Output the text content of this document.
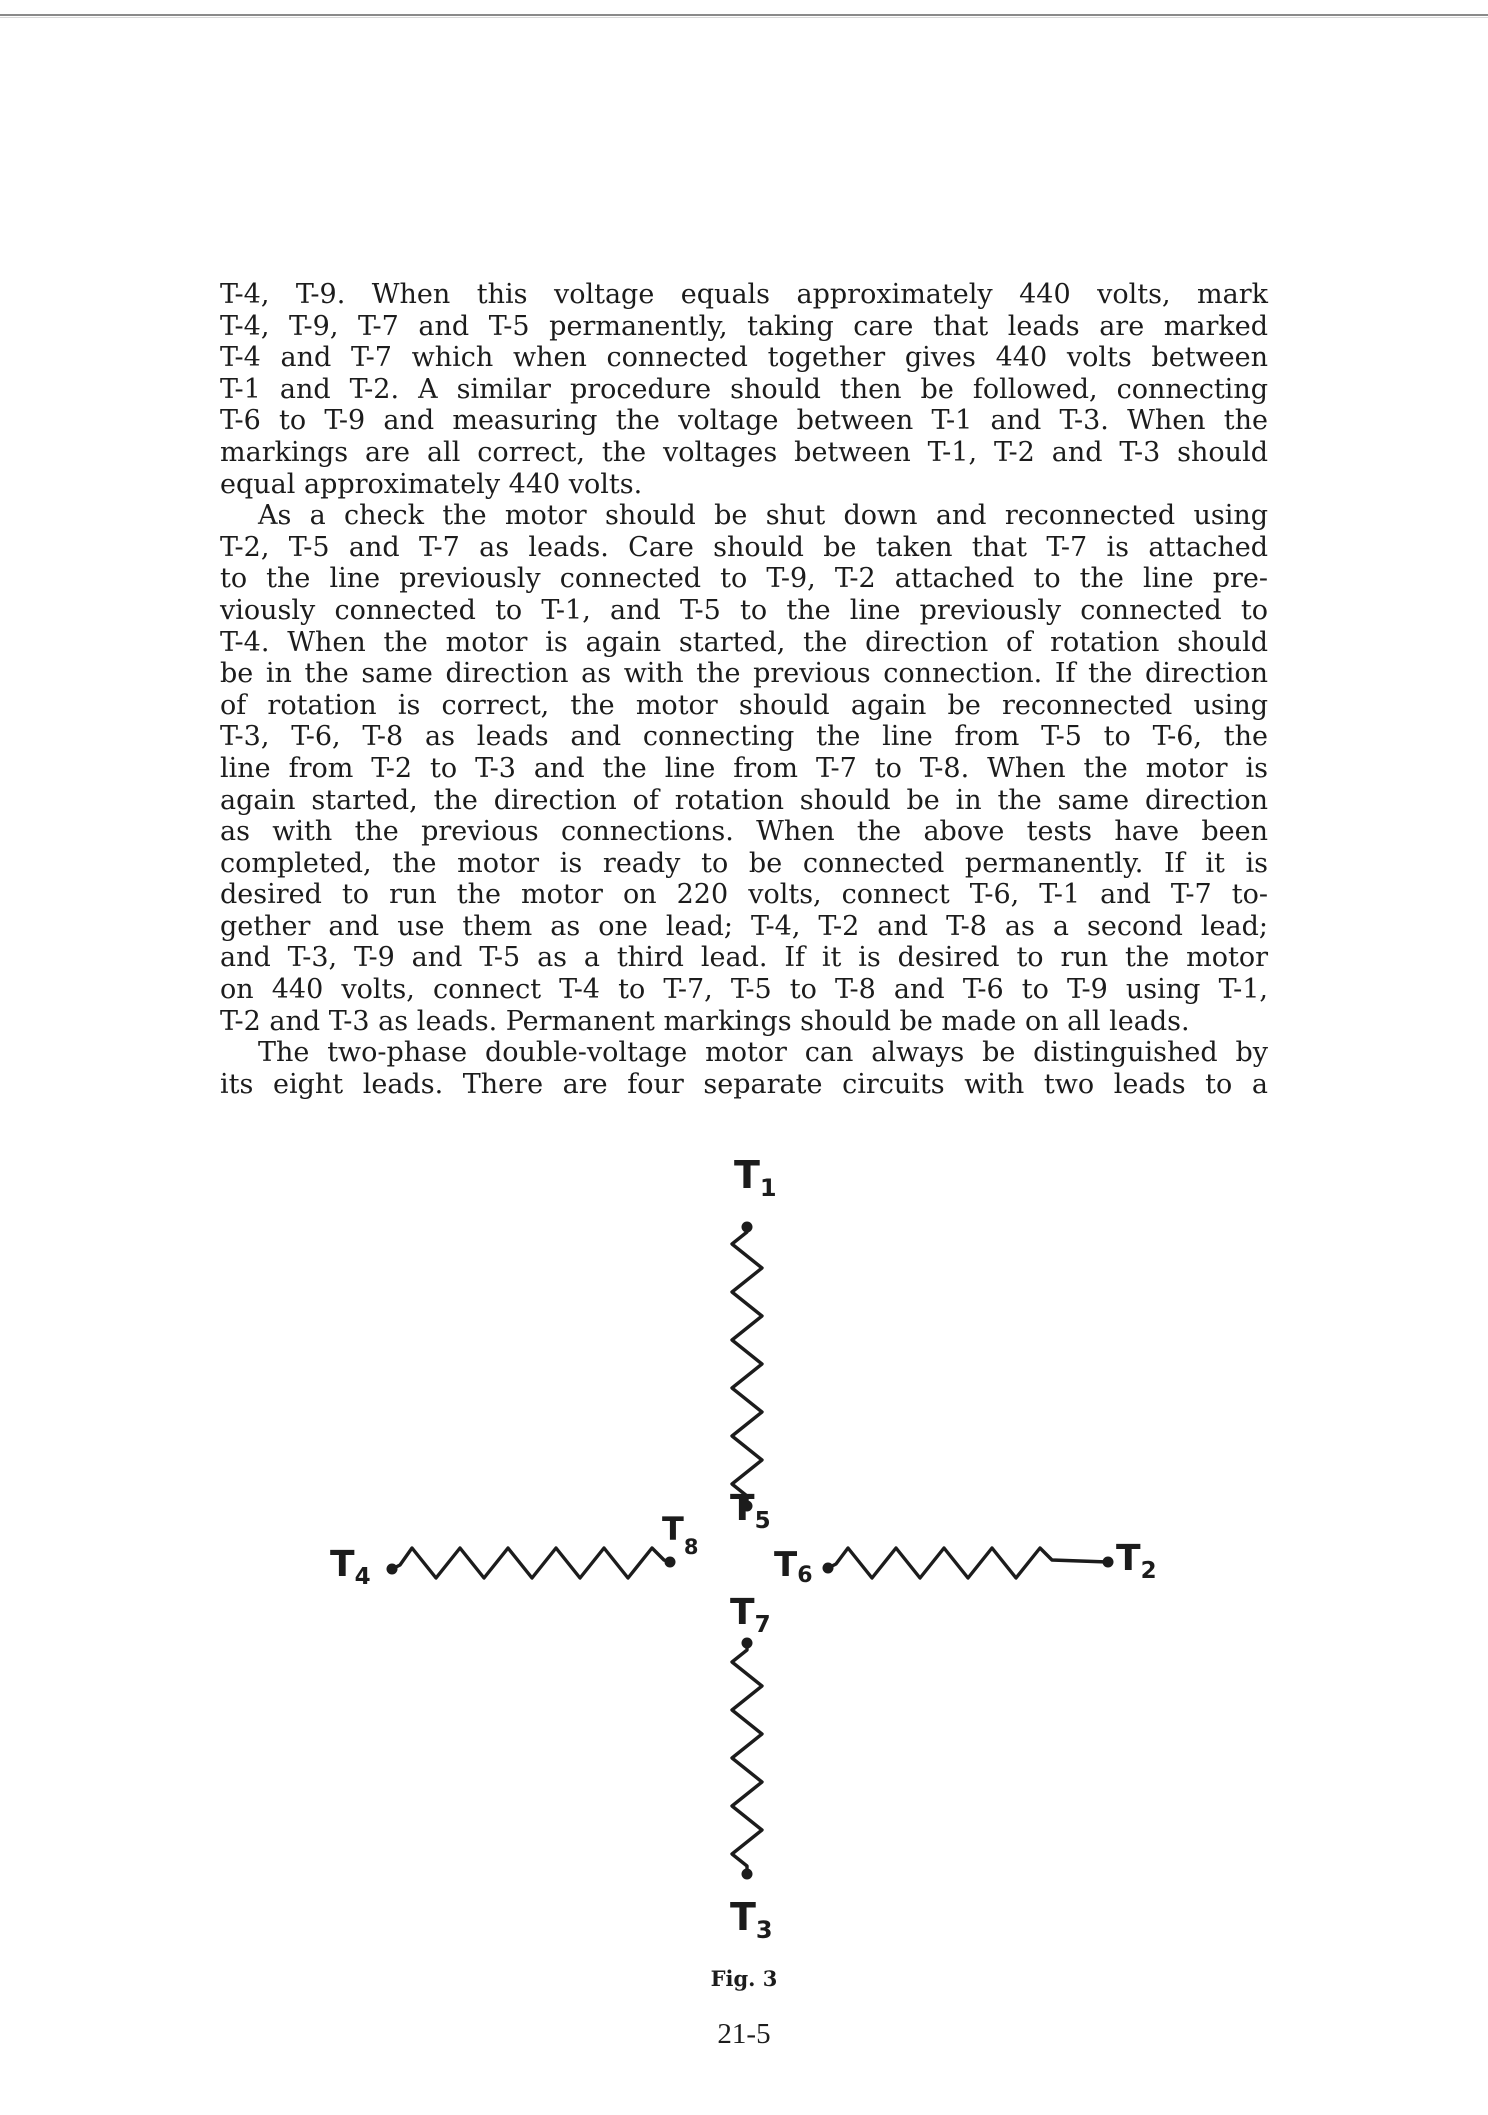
T-4, T-9. When this voltage equals approximately 440 volts, mark
T-4, T-9, T-7 and T-5 permanently, taking care that leads are marked
T-4 and T-7 which when connected together gives 440 volts between
T-1 and T-2. A similar procedure should then be followed, connecting
T-6 to T-9 and measuring the voltage between T-1 and T-3. When the
markings are all correct, the voltages between T-1, T-2 and T-3 should
equal approximately 440 volts.
As a check the motor should be shut down and reconnected using
T-2, T-5 and T-7 as leads. Care should be taken that T-7 is attached
to the line previously connected to T-9, T-2 attached to the line pre-
viously connected to T-1, and T-5 to the line previously connected to
T-4. When the motor is again started, the direction of rotation should
be in the same direction as with the previous connection. If the direction
of rotation is correct, the motor should again be reconnected using
T-3, T-6, T-8 as leads and connecting the line from T-5 to T-6, the
line from T-2 to T-3 and the line from T-7 to T-8. When the motor is
again started, the direction of rotation should be in the same direction
as with the previous connections. When the above tests have been
completed, the motor is ready to be connected permanently. If it is
desired to run the motor on 220 volts, connect T-6, T-1 and T-7 to-
gether and use them as one lead; T-4, T-2 and T-8 as a second lead;
and T-3, T-9 and T-5 as a third lead. If it is desired to run the motor
on 440 volts, connect T-4 to T-7, T-5 to T-8 and T-6 to T-9 using T-1,
T-2 and T-3 as leads. Permanent markings should be made on all leads.
The two-phase double-voltage motor can always be distinguished by
its eight leads. There are four separate circuits with two leads to a
$T_1$
$T_5$
$T_8$
$T_4$	T6	$T_2$
$T_7$
$T_3$
Fig. 3
21-5
